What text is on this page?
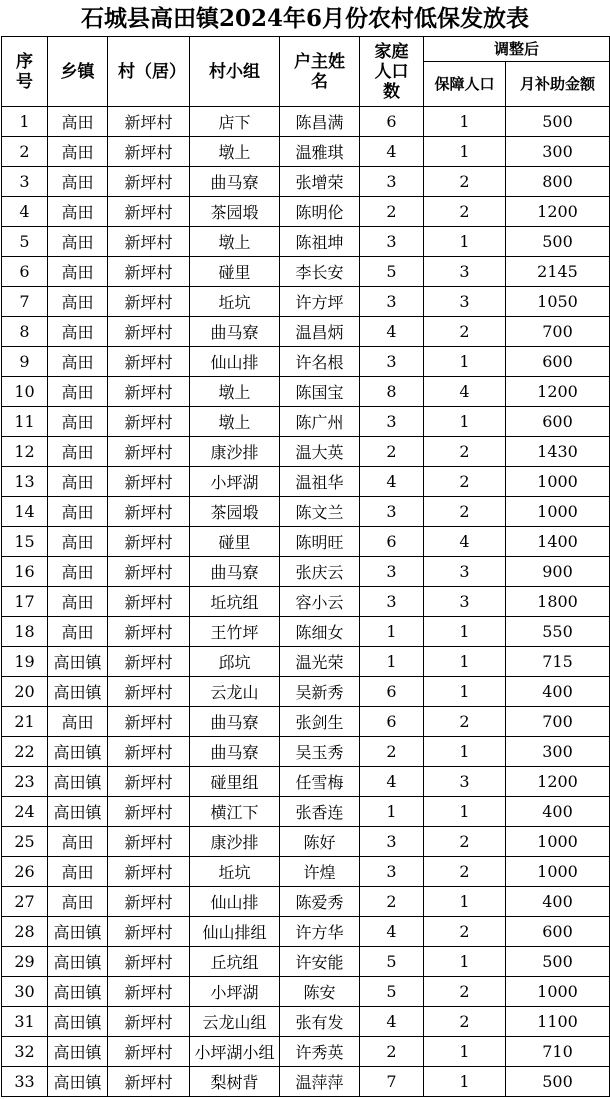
石城县高田镇2024年6月份农村低保发放表
序号	乡镇	村（居）	村小组	户主姓名	家庭人口数	调整后	
						保障人口	月补助金额
1	高田	新坪村	店下	陈昌满	6	1	500
2	高田	新坪村	墩上	温雅琪	4	1	300
3	高田	新坪村	曲马寮	张增荣	3	2	800
4	高田	新坪村	茶园塅	陈明伦	2	2	1200
5	高田	新坪村	墩上	陈祖坤	3	1	500
6	高田	新坪村	碰里	李长安	5	3	2145
7	高田	新坪村	坵坑	许方坪	3	3	1050
8	高田	新坪村	曲马寮	温昌炳	4	2	700
9	高田	新坪村	仙山排	许名根	3	1	600
10	高田	新坪村	墩上	陈国宝	8	4	1200
11	高田	新坪村	墩上	陈广州	3	1	600
12	高田	新坪村	康沙排	温大英	2	2	1430
13	高田	新坪村	小坪湖	温祖华	4	2	1000
14	高田	新坪村	茶园塅	陈文兰	3	2	1000
15	高田	新坪村	碰里	陈明旺	6	4	1400
16	高田	新坪村	曲马寮	张庆云	3	3	900
17	高田	新坪村	坵坑组	容小云	3	3	1800
18	高田	新坪村	王竹坪	陈细女	1	1	550
19	高田镇	新坪村	邱坑	温光荣	1	1	715
20	高田镇	新坪村	云龙山	吴新秀	6	1	400
21	高田	新坪村	曲马寮	张剑生	6	2	700
22	高田镇	新坪村	曲马寮	吴玉秀	2	1	300
23	高田镇	新坪村	碰里组	任雪梅	4	3	1200
24	高田镇	新坪村	横江下	张香连	1	1	400
25	高田	新坪村	康沙排	陈好	3	2	1000
26	高田	新坪村	坵坑	许煌	3	2	1000
27	高田	新坪村	仙山排	陈爱秀	2	1	400
28	高田镇	新坪村	仙山排组	许方华	4	2	600
29	高田镇	新坪村	丘坑组	许安能	5	1	500
30	高田镇	新坪村	小坪湖	陈安	5	2	1000
31	高田镇	新坪村	云龙山组	张有发	4	2	1100
32	高田镇	新坪村	小坪湖小组	许秀英	2	1	710
33	高田镇	新坪村	梨树背	温萍萍	7	1	500
